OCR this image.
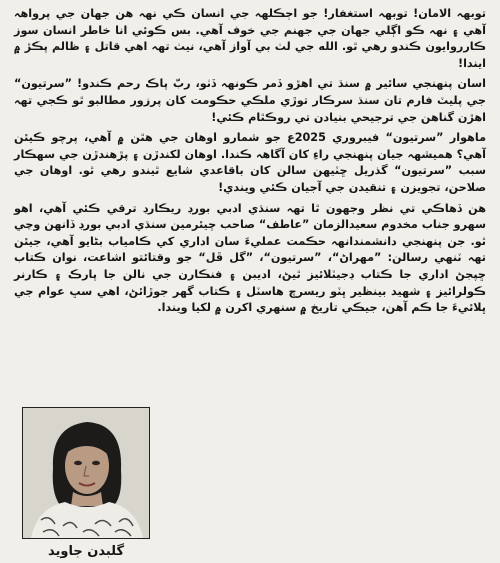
توبهہ الامان! توبهہ استغفار! جو اڄڪلهہ جي انسان ڪي نهہ هن جهان جي پرواهہ آهي ۽ نهہ ڪو اڳلي جهان جي جهنم جي خوف آهي. بس ڪوئي انا خاطر انسان سوز ڪارروايون ڪندو رهي ٿو. الله جي لٺ بي آواز آهي، نيٺ تهہ اهي قاتل ۽ ظالم پڪڙ ۾ ايندا!

اسان پنهنجي سائير ۾ سنڌ تي اهڙو ڏمر ڪونهہ ڏٺو، ربّ پاڪ رحم ڪندو! ”سرتيون“ جي پليٽ فارم تان سنڌ سرڪار توڙي ملڪي حڪومت کان پرزور مطالبو ٿو ڪجي تهہ اهڙن گناهن جي ترجيحي بنيادن تي روڪٿام ڪئي!

ماهوار ”سرتيون“ فيبروري 2025ع جو شمارو اوهان جي هٿن ۾ آهي، پرچو ڪيئن آهي؟ هميشهہ جيان پنهنجي راءِ کان آگاهہ ڪندا. اوهان لکندڙن ۽ پڙهندڙن جي سهڪار سبب ”سرتيون“ گذريل ڇٽيهن سالن کان باقاعدي شايع ٿيندو رهي ٿو. اوهان جي صلاحن، تجويزن ۽ تنقيدن جي آجيان ڪئي ويندي!

هن ڏهاڪي تي نظر وجهون ٿا تهہ سنڌي ادبي بورڊ ريڪارڊ ترقي ڪئي آهي، اهو سهرو جناب مخدوم سعيدالزمان ”عاطف“ صاحب چيئرمين سنڌي ادبي بورڊ ڏانهن وڃي ٿو. جن پنهنجي دانشمندانهہ حڪمت عمليءَ سان اداري کي ڪامياب بڻايو آهي، جيئن تهہ ٽنهي رسالن: ”مهراڻ“، ”سرتيون“، ”گل ڦل“ جو وقتائتو اشاعت، نوان ڪتاب ڇپجڻ اداري جا ڪتاب ڊجيٽلائيز ٿيڻ، اديبن ۽ فنڪارن جي نالن جا پارڪ ۽ ڪارنر ڪولرائيز ۽ شهيد بينظير ڀٽو ريسرچ هاسٽل ۽ ڪتاب گهر جوڙائڻ، اهي سڀ عوام جي ڀلائيءَ جا ڪم آهن، جيڪي تاريخ ۾ سنهري اکرن ۾ لکيا ويندا.

گلبدن جاويد
